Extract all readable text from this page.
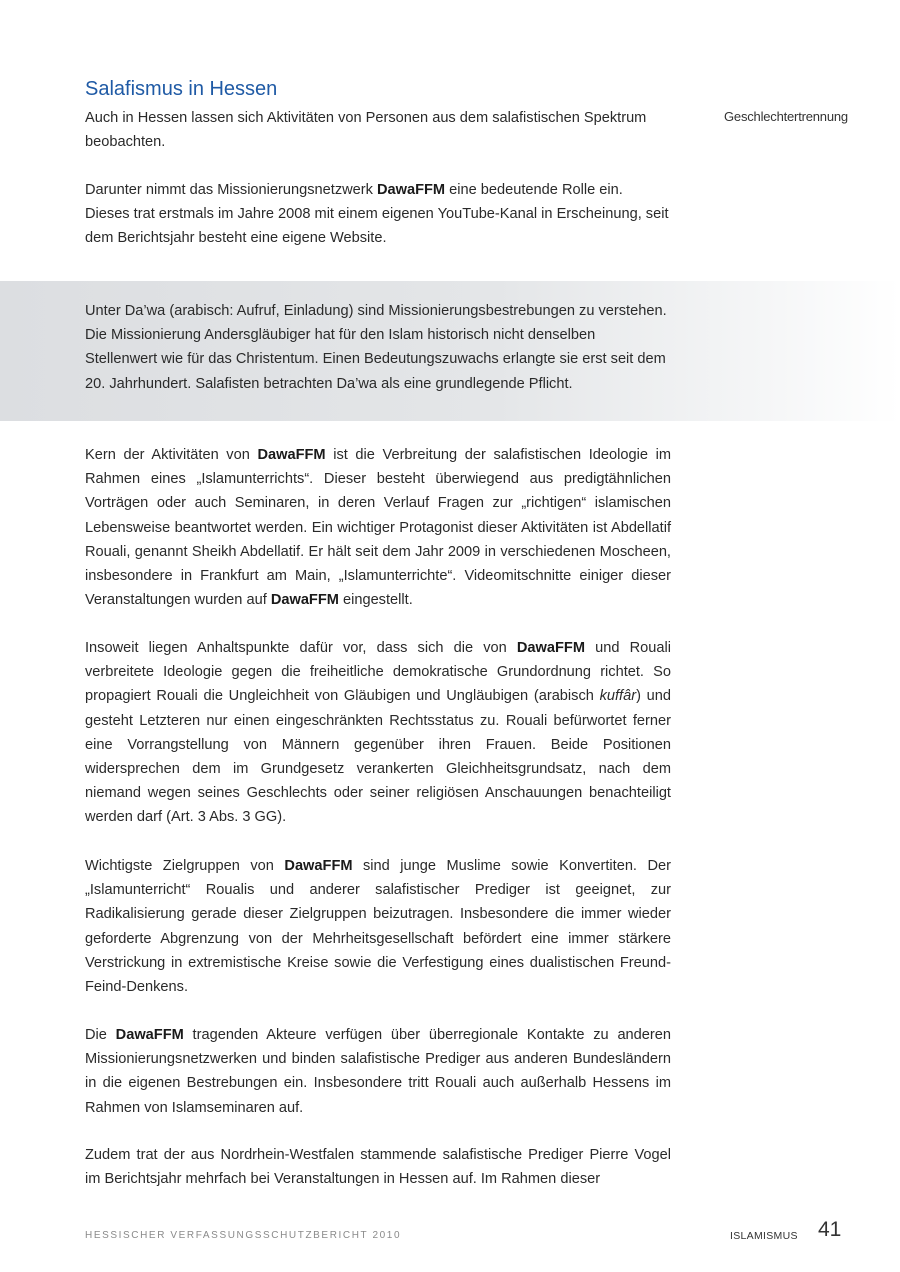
Salafismus in Hessen
Geschlechtertrennung

Auch in Hessen lassen sich Aktivitäten von Personen aus dem salafistischen Spektrum beobachten.

Darunter nimmt das Missionierungsnetzwerk DawaFFM eine bedeutende Rolle ein. Dieses trat erstmals im Jahre 2008 mit einem eigenen YouTube-Kanal in Erscheinung, seit dem Berichtsjahr besteht eine eigene Website.

Unter Da’wa (arabisch: Aufruf, Einladung) sind Missionierungsbestrebungen zu verstehen. Die Missionierung Andersgläubiger hat für den Islam historisch nicht denselben Stellenwert wie für das Christentum. Einen Bedeutungszuwachs erlangte sie erst seit dem 20. Jahrhundert. Salafisten betrachten Da’wa als eine grundlegende Pflicht.

Kern der Aktivitäten von DawaFFM ist die Verbreitung der salafistischen Ideologie im Rahmen eines „Islamunterrichts“. Dieser besteht überwiegend aus predigtähnlichen Vorträgen oder auch Seminaren, in deren Verlauf Fragen zur „richtigen“ islamischen Lebensweise beantwortet werden. Ein wichtiger Protagonist dieser Aktivitäten ist Abdellatif Rouali, genannt Sheikh Abdellatif. Er hält seit dem Jahr 2009 in verschiedenen Moscheen, insbesondere in Frankfurt am Main, „Islamunterrichte“. Videomitschnitte einiger dieser Veranstaltungen wurden auf DawaFFM eingestellt.

Insoweit liegen Anhaltspunkte dafür vor, dass sich die von DawaFFM und Rouali verbreitete Ideologie gegen die freiheitliche demokratische Grundordnung richtet. So propagiert Rouali die Ungleichheit von Gläubigen und Ungläubigen (arabisch kuffâr) und gesteht Letzteren nur einen eingeschränkten Rechtsstatus zu. Rouali befürwortet ferner eine Vorrangstellung von Männern gegenüber ihren Frauen. Beide Positionen widersprechen dem im Grundgesetz verankerten Gleichheitsgrundsatz, nach dem niemand wegen seines Geschlechts oder seiner religiösen Anschauungen benachteiligt werden darf (Art. 3 Abs. 3 GG).

Wichtigste Zielgruppen von DawaFFM sind junge Muslime sowie Konvertiten. Der „Islamunterricht“ Roualis und anderer salafistischer Prediger ist geeignet, zur Radikalisierung gerade dieser Zielgruppen beizutragen. Insbesondere die immer wieder geforderte Abgrenzung von der Mehrheitsgesellschaft befördert eine immer stärkere Verstrickung in extremistische Kreise sowie die Verfestigung eines dualistischen Freund-Feind-Denkens.

Die DawaFFM tragenden Akteure verfügen über überregionale Kontakte zu anderen Missionierungsnetzwerken und binden salafistische Prediger aus anderen Bundesländern in die eigenen Bestrebungen ein. Insbesondere tritt Rouali auch außerhalb Hessens im Rahmen von Islamseminaren auf.

Zudem trat der aus Nordrhein-Westfalen stammende salafistische Prediger Pierre Vogel im Berichtsjahr mehrfach bei Veranstaltungen in Hessen auf. Im Rahmen dieser

HESSISCHER VERFASSUNGSSCHUTZBERICHT 2010	ISLAMISMUS 41
